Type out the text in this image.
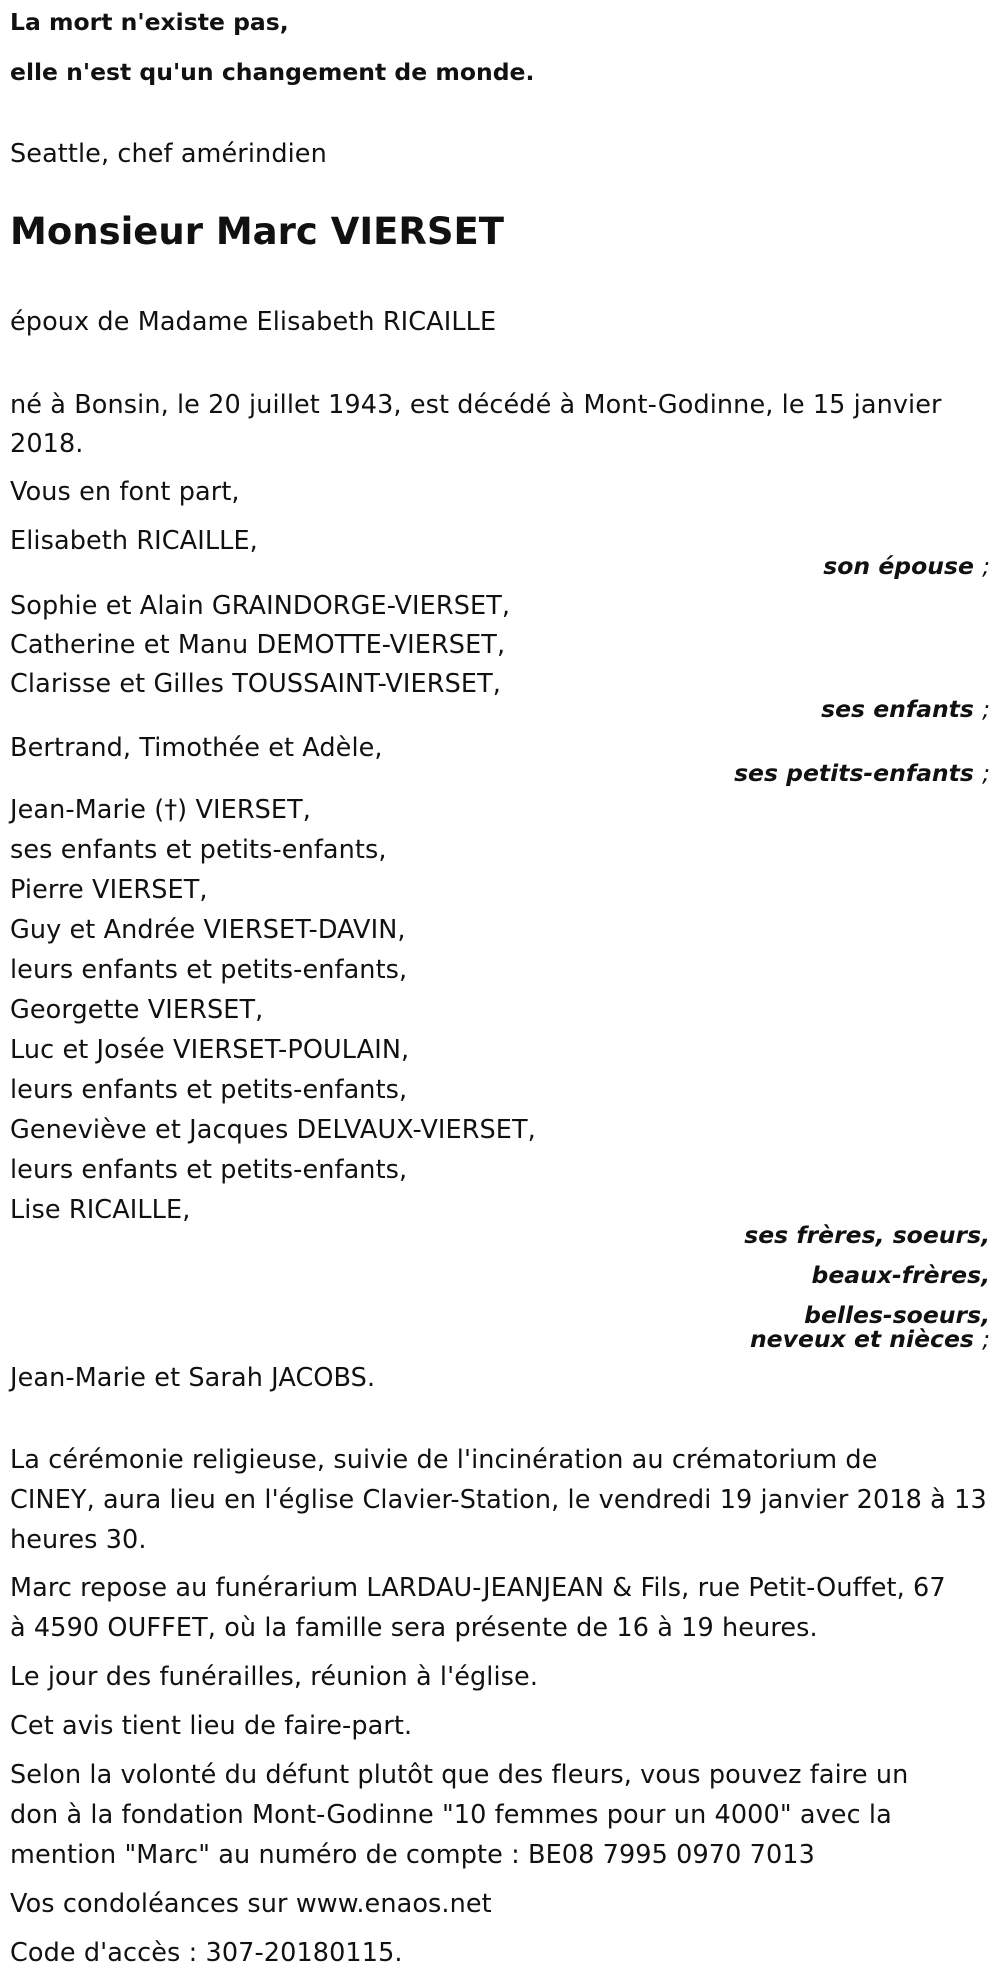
La mort n'existe pas,
elle n'est qu'un changement de monde.
Seattle, chef amérindien
Monsieur Marc VIERSET
époux de Madame Elisabeth RICAILLE
né à Bonsin, le 20 juillet 1943, est décédé à Mont-Godinne, le 15 janvier
2018.
Vous en font part,
Elisabeth RICAILLE,
son épouse ;
Sophie et Alain GRAINDORGE-VIERSET,
Catherine et Manu DEMOTTE-VIERSET,
Clarisse et Gilles TOUSSAINT-VIERSET,
ses enfants ;
Bertrand, Timothée et Adèle,
ses petits-enfants ;
Jean-Marie (†) VIERSET,
ses enfants et petits-enfants,
Pierre VIERSET,
Guy et Andrée VIERSET-DAVIN,
leurs enfants et petits-enfants,
Georgette VIERSET,
Luc et Josée VIERSET-POULAIN,
leurs enfants et petits-enfants,
Geneviève et Jacques DELVAUX-VIERSET,
leurs enfants et petits-enfants,
Lise RICAILLE,
ses frères, soeurs,
beaux-frères,
belles-soeurs,
neveux et nièces ;
Jean-Marie et Sarah JACOBS.
La cérémonie religieuse, suivie de l'incinération au crématorium de
CINEY, aura lieu en l'église Clavier-Station, le vendredi 19 janvier 2018 à 13
heures 30.
Marc repose au funérarium LARDAU-JEANJEAN & Fils, rue Petit-Ouffet, 67
à 4590 OUFFET, où la famille sera présente de 16 à 19 heures.
Le jour des funérailles, réunion à l'église.
Cet avis tient lieu de faire-part.
Selon la volonté du défunt plutôt que des fleurs, vous pouvez faire un
don à la fondation Mont-Godinne "10 femmes pour un 4000" avec la
mention "Marc" au numéro de compte : BE08 7995 0970 7013
Vos condoléances sur www.enaos.net
Code d'accès : 307-20180115.
